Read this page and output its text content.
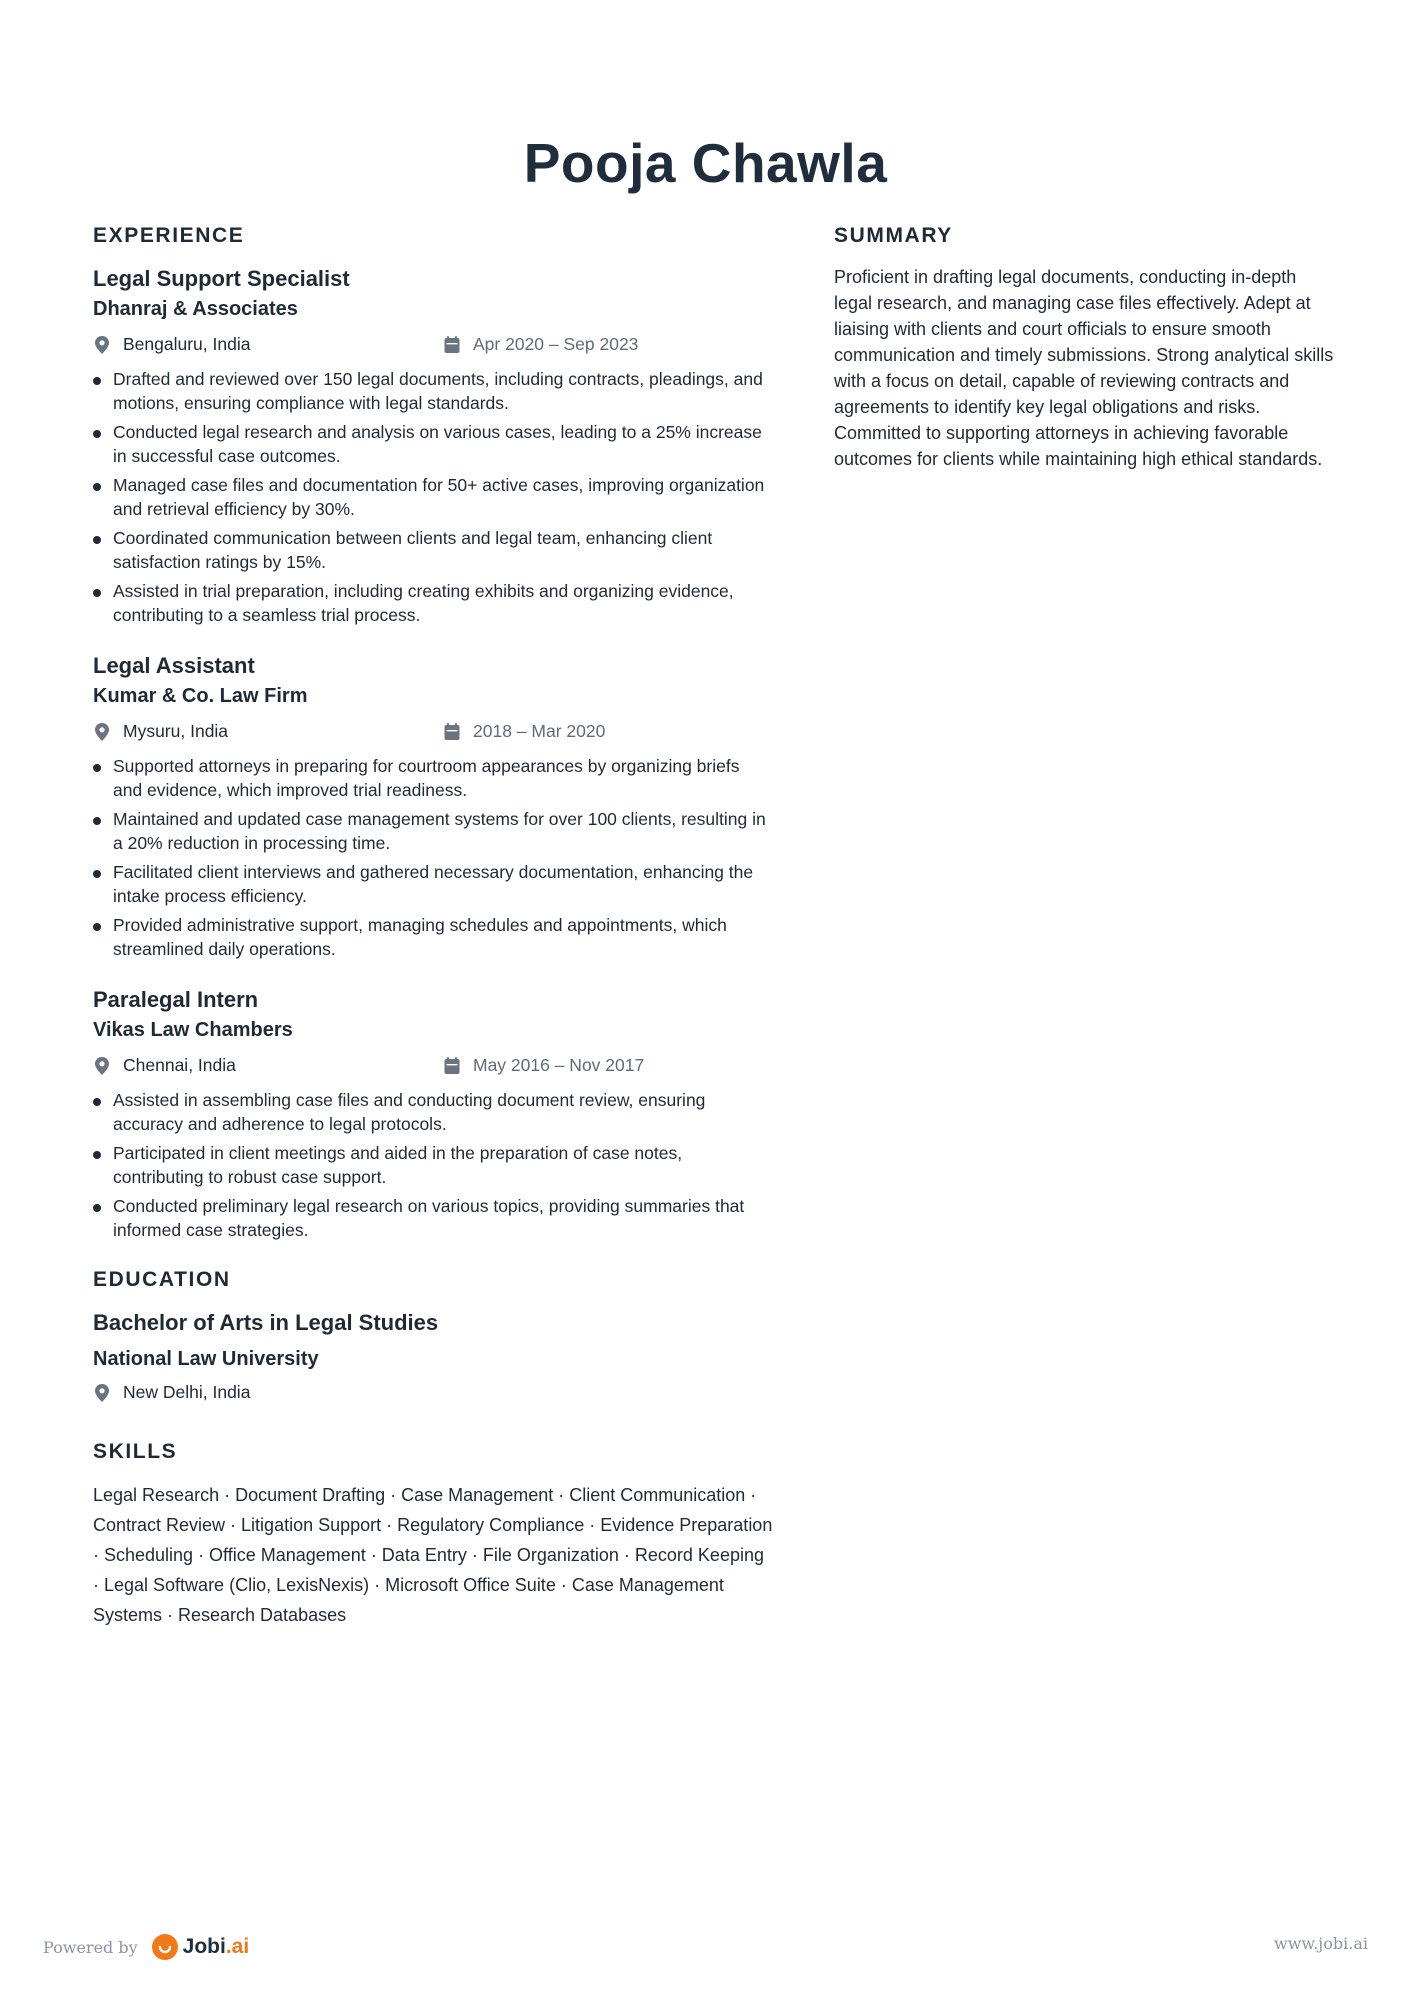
Pooja Chawla
EXPERIENCE
Legal Support Specialist
Dhanraj & Associates
Bengaluru, India	Apr 2020 – Sep 2023
Drafted and reviewed over 150 legal documents, including contracts, pleadings, and motions, ensuring compliance with legal standards.
Conducted legal research and analysis on various cases, leading to a 25% increase in successful case outcomes.
Managed case files and documentation for 50+ active cases, improving organization and retrieval efficiency by 30%.
Coordinated communication between clients and legal team, enhancing client satisfaction ratings by 15%.
Assisted in trial preparation, including creating exhibits and organizing evidence, contributing to a seamless trial process.
Legal Assistant
Kumar & Co. Law Firm
Mysuru, India	2018 – Mar 2020
Supported attorneys in preparing for courtroom appearances by organizing briefs and evidence, which improved trial readiness.
Maintained and updated case management systems for over 100 clients, resulting in a 20% reduction in processing time.
Facilitated client interviews and gathered necessary documentation, enhancing the intake process efficiency.
Provided administrative support, managing schedules and appointments, which streamlined daily operations.
Paralegal Intern
Vikas Law Chambers
Chennai, India	May 2016 – Nov 2017
Assisted in assembling case files and conducting document review, ensuring accuracy and adherence to legal protocols.
Participated in client meetings and aided in the preparation of case notes, contributing to robust case support.
Conducted preliminary legal research on various topics, providing summaries that informed case strategies.
EDUCATION
Bachelor of Arts in Legal Studies
National Law University
New Delhi, India
SKILLS

Legal Research · Document Drafting · Case Management · Client Communication · Contract Review · Litigation Support · Regulatory Compliance · Evidence Preparation · Scheduling · Office Management · Data Entry · File Organization · Record Keeping · Legal Software (Clio, LexisNexis) · Microsoft Office Suite · Case Management Systems · Research Databases

SUMMARY

Proficient in drafting legal documents, conducting in-depth legal research, and managing case files effectively. Adept at liaising with clients and court officials to ensure smooth communication and timely submissions. Strong analytical skills with a focus on detail, capable of reviewing contracts and agreements to identify key legal obligations and risks. Committed to supporting attorneys in achieving favorable outcomes for clients while maintaining high ethical standards.

Powered by Jobi.ai	www.jobi.ai
